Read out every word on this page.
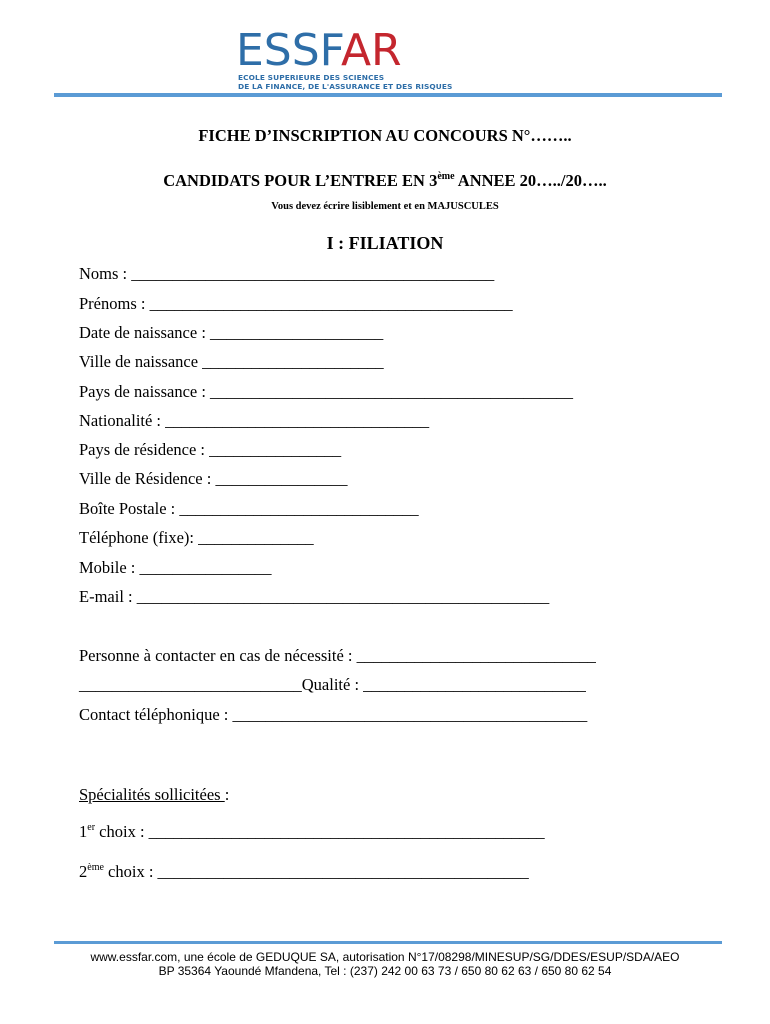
ESSFAR
ECOLE SUPERIEURE DES SCIENCES
DE LA FINANCE, DE L'ASSURANCE ET DES RISQUES
FICHE D’INSCRIPTION AU CONCOURS N°……..
CANDIDATS POUR L’ENTREE EN 3ème ANNEE 20…../20…..
Vous devez écrire lisiblement et en MAJUSCULES
I : FILIATION
Noms : ____________________________________________
Prénoms : ____________________________________________
Date de naissance : _____________________
Ville de naissance ______________________
Pays de naissance : ____________________________________________
Nationalité : ________________________________
Pays de résidence : ________________
Ville de Résidence : ________________
Boîte Postale : _____________________________
Téléphone (fixe): ______________
Mobile : ________________
E-mail : __________________________________________________
Personne à contacter en cas de nécessité : _____________________________
___________________________Qualité : ___________________________
Contact téléphonique : ___________________________________________
Spécialités sollicitées :
1er choix : ________________________________________________
2ème choix : _____________________________________________
www.essfar.com, une école de GEDUQUE SA, autorisation N°17/08298/MINESUP/SG/DDES/ESUP/SDA/AEO
BP 35364 Yaoundé Mfandena, Tel : (237) 242 00 63 73 / 650 80 62 63 / 650 80 62 54
